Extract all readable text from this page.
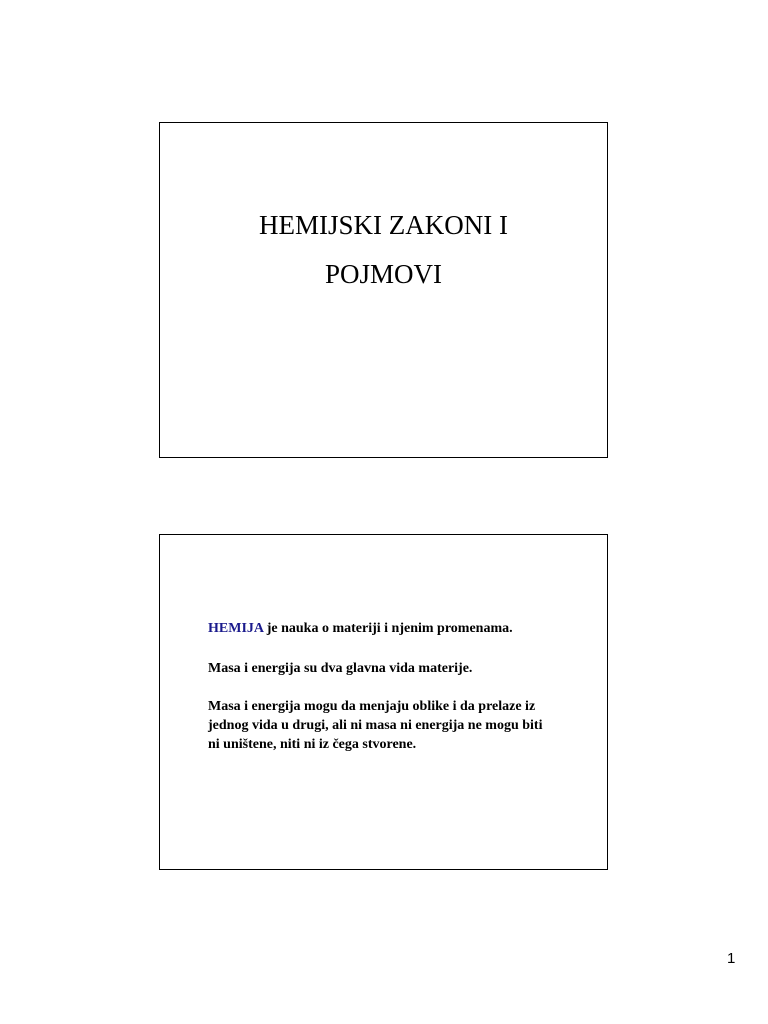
HEMIJSKI ZAKONI I
POJMOVI
HEMIJA je nauka o materiji i njenim promenama.
Masa i energija su dva glavna vida materije.
Masa i energija mogu da menjaju oblike i da prelaze iz
jednog vida u drugi, ali ni masa ni energija ne mogu biti
ni uništene, niti ni iz čega stvorene.
1
